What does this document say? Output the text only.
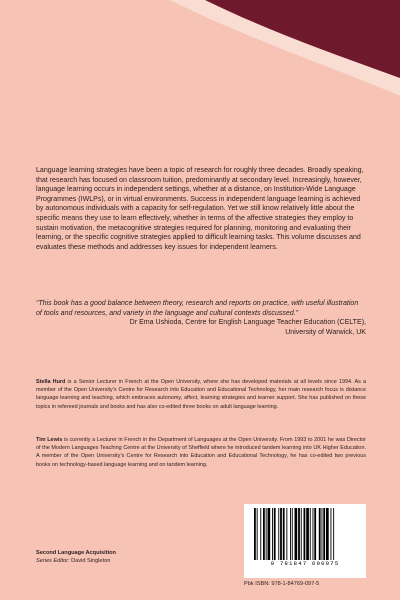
Language learning strategies have been a topic of research for roughly three decades. Broadly speaking, that research has focused on classroom tuition, predominantly at secondary level. Increasingly, however, language learning occurs in independent settings, whether at a distance, on Institution-Wide Language Programmes (IWLPs), or in virtual environments. Success in independent language learning is achieved by autonomous individuals with a capacity for self-regulation. Yet we still know relatively little about the specific means they use to learn effectively, whether in terms of the affective strategies they employ to sustain motivation, the metacognitive strategies required for planning, monitoring and evaluating their learning, or the specific cognitive strategies applied to difficult learning tasks. This volume discusses and evaluates these methods and addresses key issues for independent learners.

“This book has a good balance between theory, research and reports on practice, with useful illustration of tools and resources, and variety in the language and cultural contexts discussed.”
Dr Ema Ushioda, Centre for English Language Teacher Education (CELTE),
University of Warwick, UK

Stella Hurd is a Senior Lecturer in French at the Open University, where she has developed materials at all levels since 1994. As a member of the Open University’s Centre for Research into Education and Educational Technology, her main research focus is distance language learning and teaching, which embraces autonomy, affect, learning strategies and learner support. She has published on these topics in refereed journals and books and has also co-edited three books on adult language learning.

Tim Lewis is currently a Lecturer in French in the Department of Languages at the Open University. From 1993 to 2001 he was Director of the Modern Languages Teaching Centre at the University of Sheffield where he introduced tandem learning into UK Higher Education. A member of the Open University’s Centre for Research into Education and Educational Technology, he has co-edited two previous books on technology-based language learning and on tandem learning.

Second Language Acquisition
Series Editor: David Singleton	9 781847 690975
Pbk ISBN: 978-1-84769-097-5
